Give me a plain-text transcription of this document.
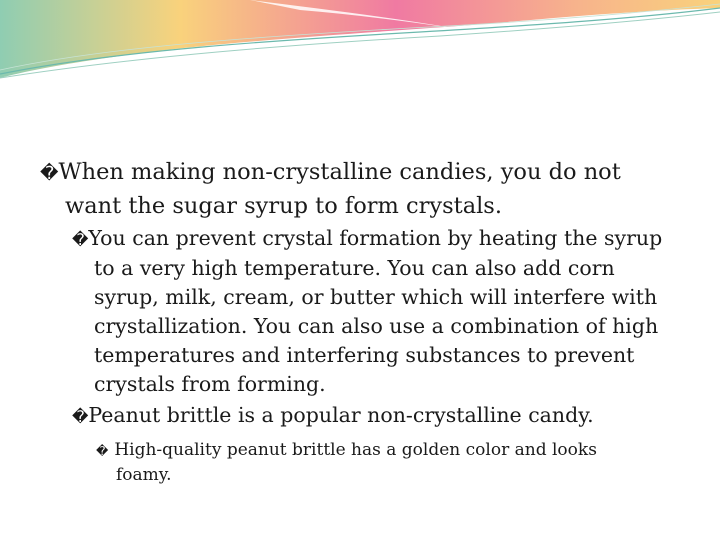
�When making non-crystalline candies, you do not
want the sugar syrup to form crystals.
�You can prevent crystal formation by heating the syrup
to a very high temperature. You can also add corn
syrup, milk, cream, or butter which will interfere with
crystallization. You can also use a combination of high
temperatures and interfering substances to prevent
crystals from forming.
�Peanut brittle is a popular non-crystalline candy.
� High-quality peanut brittle has a golden color and looks
foamy.
